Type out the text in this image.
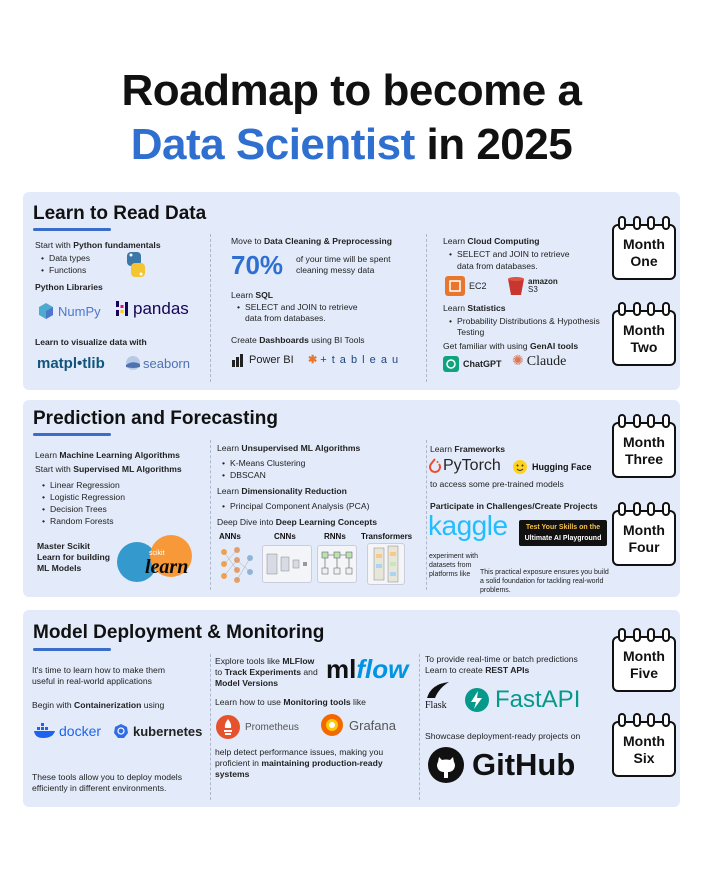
Roadmap to become a
Data Scientist in 2025
Learn to Read Data
Start with Python fundamentals
• Data types
• Functions
Python Libraries
NumPy pandas
Learn to visualize data with
matpl•tlib	seaborn
Move to Data Cleaning & Preprocessing
70% of your time will be spent
cleaning messy data
Learn SQL
• SELECT and JOIN to retrieve
data from databases.
Create Dashboards using BI Tools
Power BI ✱ + t a b l e a u
Learn Cloud Computing
• SELECT and JOIN to retrieve
data from databases.
EC2	amazon
S3
Learn Statistics
• Probability Distributions & Hypothesis
Testing
Get familiar with using GenAI tools
ChatGPT ✺ Claude
Month
One
Month
Two
Prediction and Forecasting
Learn Machine Learning Algorithms
Start with Supervised ML Algorithms
• Linear Regression
• Logistic Regression
• Decision Trees
• Random Forests
Master Scikit
Learn for building
ML Models
scikit
learn
Learn Unsupervised ML Algorithms
• K-Means Clustering
• DBSCAN
Learn Dimensionality Reduction
• Principal Component Analysis (PCA)
Deep Dive into Deep Learning Concepts
ANNs	CNNs	RNNs Transformers
Learn Frameworks
PyTorch	Hugging Face
to access some pre-trained models
Participate in Challenges/Create Projects
kaggle	Test Your Skills on the
Ultimate AI Playground
experiment with
datasets from
platforms like This practical exposure ensures you build
a solid foundation for tackling real-world
problems.
Month
Three
Month
Four
Model Deployment & Monitoring
It's time to learn how to make them
useful in real-world applications
Begin with Containerization using
docker kubernetes
These tools allow you to deploy models
efficiently in different environments.
Explore tools like MLFlow
to Track Experiments and
Model Versions ml flow
Learn how to use Monitoring tools like
Prometheus	Grafana
help detect performance issues, making you
proficient in maintaining production-ready
systems
To provide real-time or batch predictions
Learn to create REST APIs
Flask FastAPI
Showcase deployment-ready projects on
GitHub
Month
Five
Month
Six
